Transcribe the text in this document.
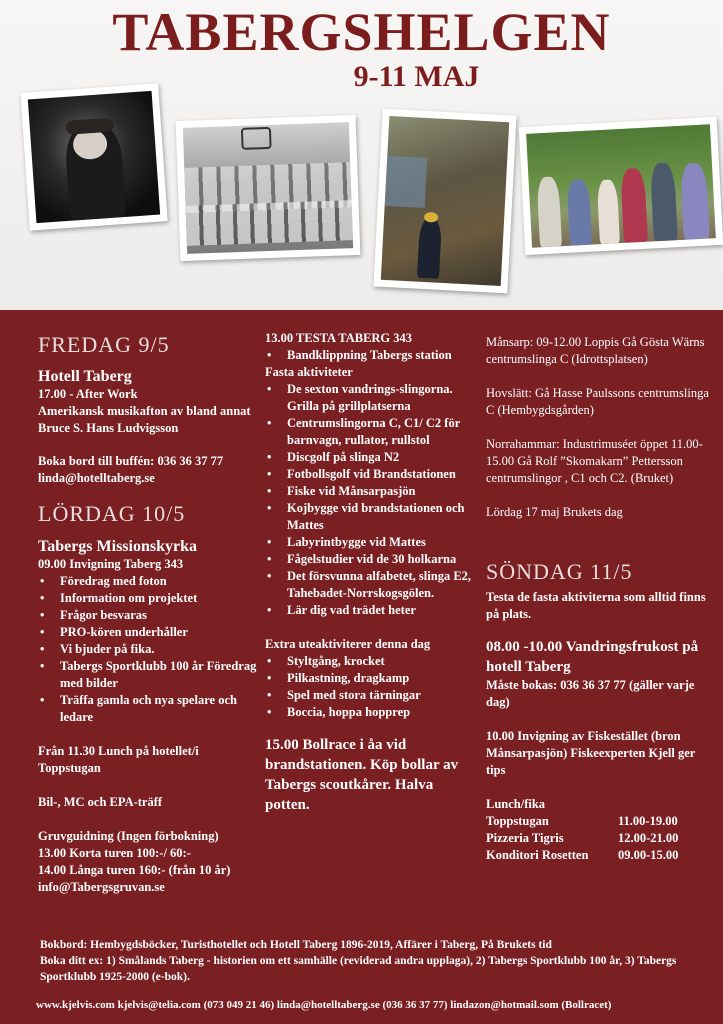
TABERGSHELGEN
9-11 MAJ
FREDAG 9/5
Hotell Taberg
17.00 - After Work
Amerikansk musikafton av bland annat Bruce S. Hans Ludvigsson
Boka bord till buffén: 036 36 37 77 linda@hotelltaberg.se
LÖRDAG 10/5
Tabergs Missionskyrka
09.00 Invigning Taberg 343
• Föredrag med foton
• Information om projektet
• Frågor besvaras
• PRO-kören underhåller
• Vi bjuder på fika.
• Tabergs Sportklubb 100 år Föredrag med bilder
• Träffa gamla och nya spelare och ledare
Från 11.30 Lunch på hotellet/i Toppstugan
Bil-, MC och EPA-träff
Gruvguidning (Ingen förbokning)
13.00 Korta turen 100:-/ 60:-
14.00 Långa turen 160:- (från 10 år)
info@Tabergsgruvan.se
13.00 TESTA TABERG 343
• Bandklippning Tabergs station
Fasta aktiviteter
• De sexton vandrings-slingorna. Grilla på grillplatserna
• Centrumslingorna C, C1/ C2 för barnvagn, rullator, rullstol
• Discgolf på slinga N2
• Fotbollsgolf vid Brandstationen
• Fiske vid Månsarpasjön
• Kojbygge vid brandstationen och Mattes
• Labyrintbygge vid Mattes
• Fågelstudier vid de 30 holkarna
• Det försvunna alfabetet, slinga E2, Tahebadet-Norrskogsgölen.
• Lär dig vad trädet heter
Extra uteaktiviterer denna dag
• Styltgång, krocket
• Pilkastning, dragkamp
• Spel med stora tärningar
• Boccia, hoppa hopprep
15.00 Bollrace i åa vid brandstationen. Köp bollar av Tabergs scoutkårer. Halva potten.
Månsarp: 09-12.00 Loppis Gå Gösta Wärns centrumslinga C (Idrottsplatsen)
Hovslätt: Gå Hasse Paulssons centrumslinga C (Hembygdsgården)
Norrahammar: Industrimuséet öppet 11.00-15.00 Gå Rolf ”Skomakarn” Pettersson centrumslingor , C1 och C2. (Bruket)
Lördag 17 maj Brukets dag
SÖNDAG 11/5
Testa de fasta aktiviterna som alltid finns på plats.
08.00 -10.00 Vandringsfrukost på hotell Taberg
Måste bokas: 036 36 37 77 (gäller varje dag)
10.00 Invigning av Fiskestället (bron Månsarpasjön) Fiskeexperten Kjell ger tips
Lunch/fika
Toppstugan	11.00-19.00
Pizzeria Tigris	12.00-21.00
Konditori Rosetten	09.00-15.00
Bokbord: Hembygdsböcker, Turisthotellet och Hotell Taberg 1896-2019, Affärer i Taberg, På Brukets tid
Boka ditt ex: 1) Smålands Taberg - historien om ett samhälle (reviderad andra upplaga), 2) Tabergs Sportklubb 100 år, 3) Tabergs Sportklubb 1925-2000 (e-bok).
www.kjelvis.com kjelvis@telia.com (073 049 21 46) linda@hotelltaberg.se (036 36 37 77) lindazon@hotmail.som (Bollracet)
